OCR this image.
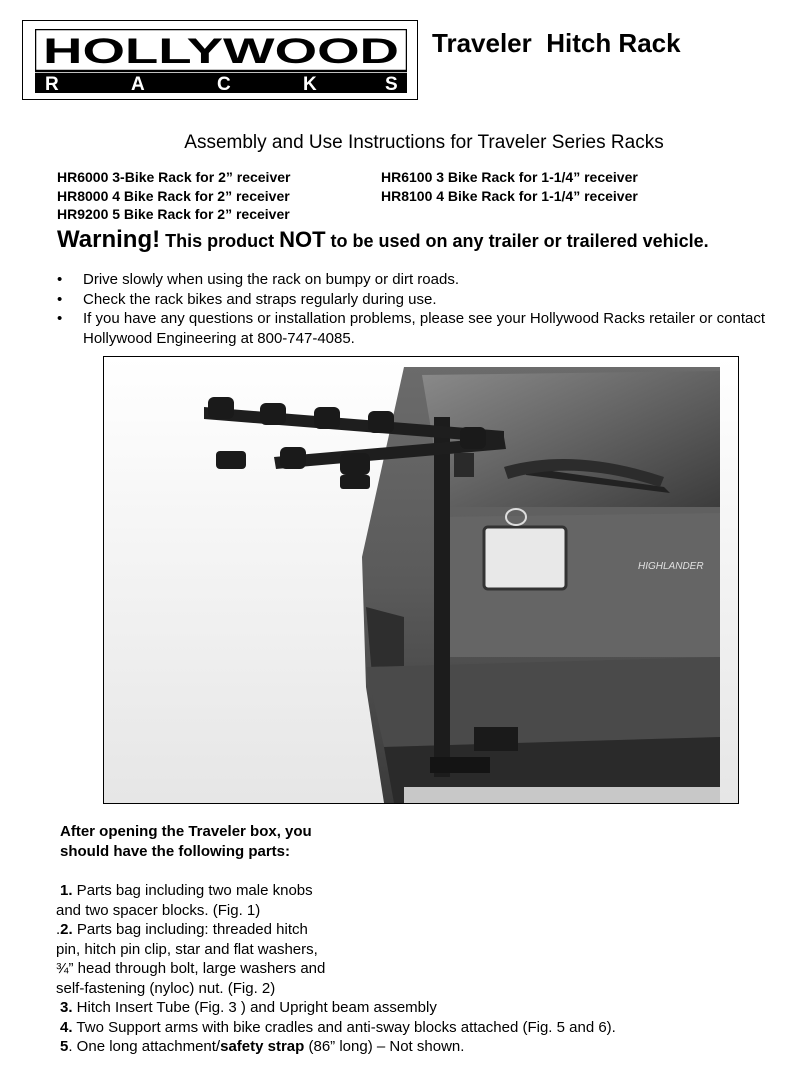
HOLLYWOOD
R	A	C	K	S
Traveler  Hitch Rack
Assembly and Use Instructions for Traveler Series Racks
HR6000 3-Bike Rack for 2” receiver
HR8000 4 Bike Rack for 2” receiver
HR9200 5 Bike Rack for 2” receiver
HR6100 3 Bike Rack for 1-1/4” receiver
HR8100 4 Bike Rack for 1-1/4” receiver
Warning! This product NOT to be used on any trailer or trailered vehicle.
•	Drive slowly when using the rack on bumpy or dirt roads.
•	Check the rack bikes and straps regularly during use.
•	If you have any questions or installation problems, please see your Hollywood Racks retailer or contact Hollywood Engineering at 800-747-4085.
HIGHLANDER
After opening the Traveler box, you
should have the following parts:
1. Parts bag including two male knobs
and two spacer blocks. (Fig. 1)
.2. Parts bag including: threaded hitch
pin, hitch pin clip, star and flat washers,
¾” head through bolt, large washers and
self-fastening (nyloc) nut. (Fig. 2)
3. Hitch Insert Tube (Fig. 3 ) and Upright beam assembly
4. Two Support arms with bike cradles and anti-sway blocks attached (Fig. 5 and 6).
5. One long attachment/safety strap (86” long) – Not shown.
